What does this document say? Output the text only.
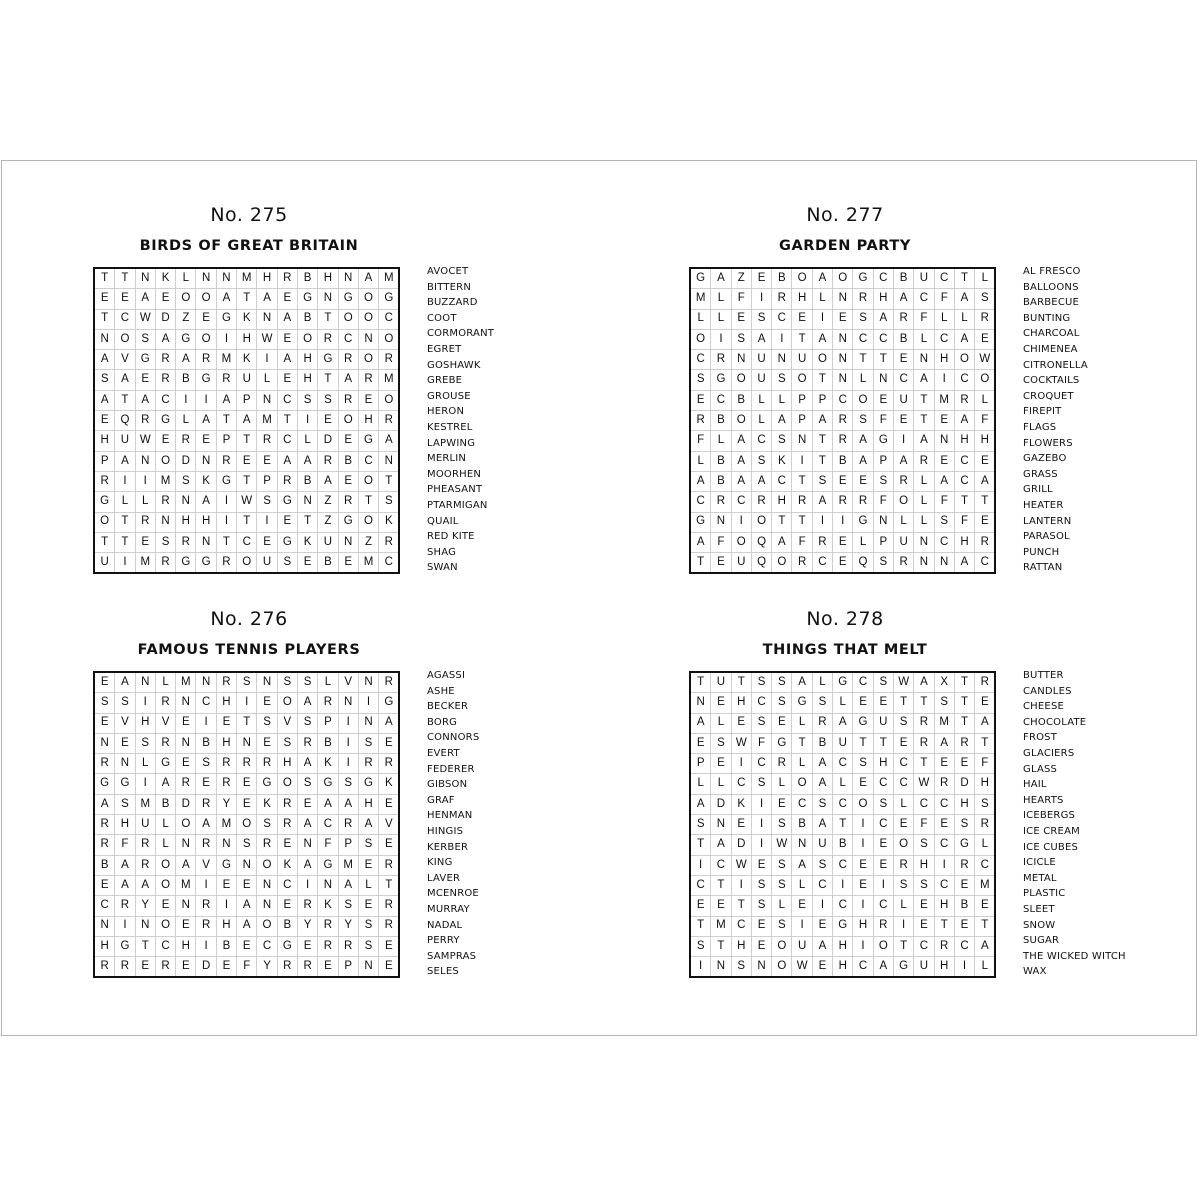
No. 275
BIRDS OF GREAT BRITAIN
T	T	N	K	L	N	N	M	H	R	B	H	N	A	M
E	E	A	E	O	O	A	T	A	E	G	N	G	O	G
T	C	W	D	Z	E	G	K	N	A	B	T	O	O	C
N	O	S	A	G	O	I	H	W	E	O	R	C	N	O
A	V	G	R	A	R	M	K	I	A	H	G	R	O	R
S	A	E	R	B	G	R	U	L	E	H	T	A	R	M
A	T	A	C	I	I	A	P	N	C	S	S	R	E	O
E	Q	R	G	L	A	T	A	M	T	I	E	O	H	R
H	U	W	E	R	E	P	T	R	C	L	D	E	G	A
P	A	N	O	D	N	R	E	E	A	A	R	B	C	N
R	I	I	M	S	K	G	T	P	R	B	A	E	O	T
G	L	L	R	N	A	I	W	S	G	N	Z	R	T	S
O	T	R	N	H	H	I	T	I	E	T	Z	G	O	K
T	T	E	S	R	N	T	C	E	G	K	U	N	Z	R
U	I	M	R	G	G	R	O	U	S	E	B	E	M	C
AVOCET
BITTERN
BUZZARD
COOT
CORMORANT
EGRET
GOSHAWK
GREBE
GROUSE
HERON
KESTREL
LAPWING
MERLIN
MOORHEN
PHEASANT
PTARMIGAN
QUAIL
RED KITE
SHAG
SWAN
No. 276
FAMOUS TENNIS PLAYERS
E	A	N	L	M	N	R	S	N	S	S	L	V	N	R
S	S	I	R	N	C	H	I	E	O	A	R	N	I	G
E	V	H	V	E	I	E	T	S	V	S	P	I	N	A
N	E	S	R	N	B	H	N	E	S	R	B	I	S	E
R	N	L	G	E	S	R	R	R	H	A	K	I	R	R
G	G	I	A	R	E	R	E	G	O	S	G	S	G	K
A	S	M	B	D	R	Y	E	K	R	E	A	A	H	E
R	H	U	L	O	A	M	O	S	R	A	C	R	A	V
R	F	R	L	N	R	N	S	R	E	N	F	P	S	E
B	A	R	O	A	V	G	N	O	K	A	G	M	E	R
E	A	A	O	M	I	E	E	N	C	I	N	A	L	T
C	R	Y	E	N	R	I	A	N	E	R	K	S	E	R
N	I	N	O	E	R	H	A	O	B	Y	R	Y	S	R
H	G	T	C	H	I	B	E	C	G	E	R	R	S	E
R	R	E	R	E	D	E	F	Y	R	R	E	P	N	E
AGASSI
ASHE
BECKER
BORG
CONNORS
EVERT
FEDERER
GIBSON
GRAF
HENMAN
HINGIS
KERBER
KING
LAVER
MCENROE
MURRAY
NADAL
PERRY
SAMPRAS
SELES
No. 277
GARDEN PARTY
G	A	Z	E	B	O	A	O	G	C	B	U	C	T	L
M	L	F	I	R	H	L	N	R	H	A	C	F	A	S
L	L	E	S	C	E	I	E	S	A	R	F	L	L	R
O	I	S	A	I	T	A	N	C	C	B	L	C	A	E
C	R	N	U	N	U	O	N	T	T	E	N	H	O	W
S	G	O	U	S	O	T	N	L	N	C	A	I	C	O
E	C	B	L	L	P	P	C	O	E	U	T	M	R	L
R	B	O	L	A	P	A	R	S	F	E	T	E	A	F
F	L	A	C	S	N	T	R	A	G	I	A	N	H	H
L	B	A	S	K	I	T	B	A	P	A	R	E	C	E
A	B	A	A	C	T	S	E	E	S	R	L	A	C	A
C	R	C	R	H	R	A	R	R	F	O	L	F	T	T
G	N	I	O	T	T	I	I	G	N	L	L	S	F	E
A	F	O	Q	A	F	R	E	L	P	U	N	C	H	R
T	E	U	Q	O	R	C	E	Q	S	R	N	N	A	C
AL FRESCO
BALLOONS
BARBECUE
BUNTING
CHARCOAL
CHIMENEA
CITRONELLA
COCKTAILS
CROQUET
FIREPIT
FLAGS
FLOWERS
GAZEBO
GRASS
GRILL
HEATER
LANTERN
PARASOL
PUNCH
RATTAN
No. 278
THINGS THAT MELT
T	U	T	S	S	A	L	G	C	S	W	A	X	T	R
N	E	H	C	S	G	S	L	E	E	T	T	S	T	E
A	L	E	S	E	L	R	A	G	U	S	R	M	T	A
E	S	W	F	G	T	B	U	T	T	E	R	A	R	T
P	E	I	C	R	L	A	C	S	H	C	T	E	E	F
L	L	C	S	L	O	A	L	E	C	C	W	R	D	H
A	D	K	I	E	C	S	C	O	S	L	C	C	H	S
S	N	E	I	S	B	A	T	I	C	E	F	E	S	R
T	A	D	I	W	N	U	B	I	E	O	S	C	G	L
I	C	W	E	S	A	S	C	E	E	R	H	I	R	C
C	T	I	S	S	L	C	I	E	I	S	S	C	E	M
E	E	T	S	L	E	I	C	I	C	L	E	H	B	E
T	M	C	E	S	I	E	G	H	R	I	E	T	E	T
S	T	H	E	O	U	A	H	I	O	T	C	R	C	A
I	N	S	N	O	W	E	H	C	A	G	U	H	I	L
BUTTER
CANDLES
CHEESE
CHOCOLATE
FROST
GLACIERS
GLASS
HAIL
HEARTS
ICEBERGS
ICE CREAM
ICE CUBES
ICICLE
METAL
PLASTIC
SLEET
SNOW
SUGAR
THE WICKED WITCH
WAX
